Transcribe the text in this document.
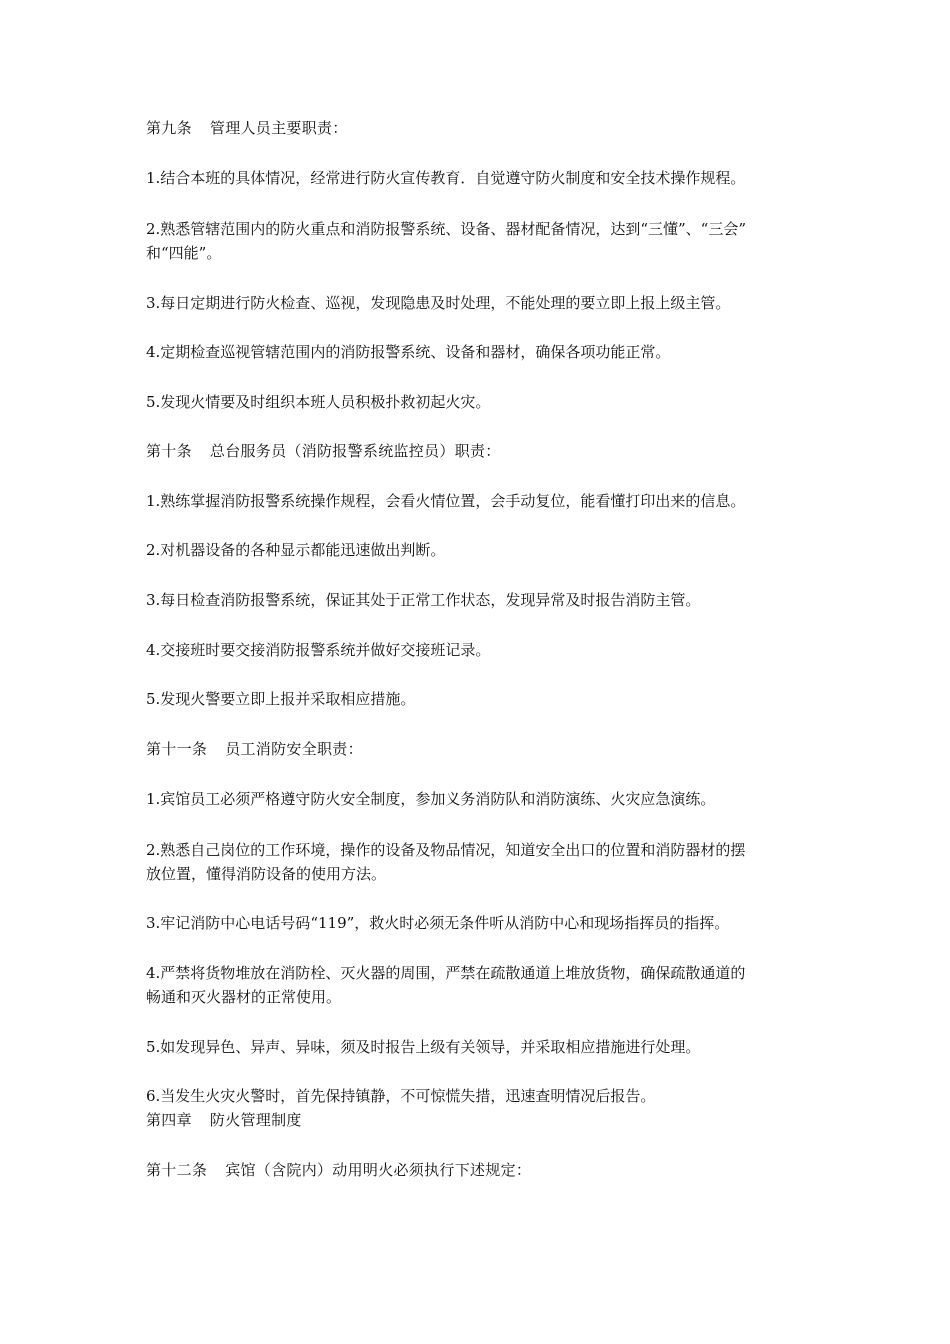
第九条 管理人员主要职责：
1.结合本班的具体情况，经常进行防火宣传教育．自觉遵守防火制度和安全技术操作规程。
2.熟悉管辖范围内的防火重点和消防报警系统、设备、器材配备情况，达到“三懂”、“三会”
和“四能”。
3.每日定期进行防火检查、巡视，发现隐患及时处理，不能处理的要立即上报上级主管。
4.定期检查巡视管辖范围内的消防报警系统、设备和器材，确保各项功能正常。
5.发现火情要及时组织本班人员积极扑救初起火灾。
第十条 总台服务员（消防报警系统监控员）职责：
1.熟练掌握消防报警系统操作规程，会看火情位置，会手动复位，能看懂打印出来的信息。
2.对机器设备的各种显示都能迅速做出判断。
3.每日检查消防报警系统，保证其处于正常工作状态，发现异常及时报告消防主管。
4.交接班时要交接消防报警系统并做好交接班记录。
5.发现火警要立即上报并采取相应措施。
第十一条 员工消防安全职责：
1.宾馆员工必须严格遵守防火安全制度，参加义务消防队和消防演练、火灾应急演练。
2.熟悉自己岗位的工作环境，操作的设备及物品情况，知道安全出口的位置和消防器材的摆
放位置，懂得消防设备的使用方法。
3.牢记消防中心电话号码“119”，救火时必须无条件听从消防中心和现场指挥员的指挥。
4.严禁将货物堆放在消防栓、灭火器的周围，严禁在疏散通道上堆放货物，确保疏散通道的
畅通和灭火器材的正常使用。
5.如发现异色、异声、异味，须及时报告上级有关领导，并采取相应措施进行处理。
6.当发生火灾火警时，首先保持镇静，不可惊慌失措，迅速查明情况后报告。
第四章 防火管理制度
第十二条 宾馆（含院内）动用明火必须执行下述规定：
